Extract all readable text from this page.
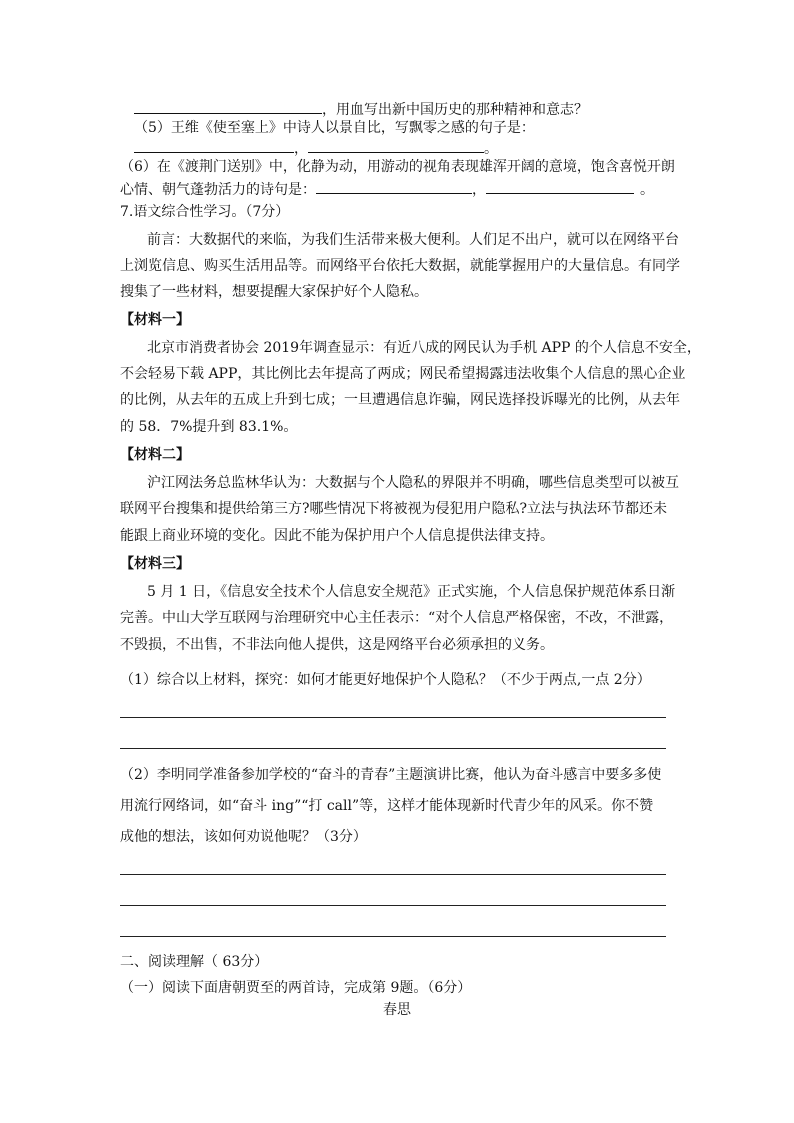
，用血写出新中国历史的那种精神和意志？
（5）王维《使至塞上》中诗人以景自比，写飘零之感的句子是：
，	。
（6）在《渡荆门送别》中，化静为动，用游动的视角表现雄浑开阔的意境，饱含喜悦开朗
心情、朝气蓬勃活力的诗句是：	，	。
7.语文综合性学习。（7分）
前言：大数据代的来临，为我们生活带来极大便利。人们足不出户，就可以在网络平台
上浏览信息、购买生活用品等。而网络平台依托大数据，就能掌握用户的大量信息。有同学
搜集了一些材料，想要提醒大家保护好个人隐私。
【材料一】
北京市消费者协会 2019年调查显示：有近八成的网民认为手机 APP 的个人信息不安全，
不会轻易下载 APP，其比例比去年提高了两成；网民希望揭露违法收集个人信息的黑心企业
的比例，从去年的五成上升到七成；一旦遭遇信息诈骗，网民选择投诉曝光的比例，从去年
的 58．7%提升到 83.1%。
【材料二】
沪江网法务总监林华认为：大数据与个人隐私的界限并不明确，哪些信息类型可以被互
联网平台搜集和提供给第三方?哪些情况下将被视为侵犯用户隐私?立法与执法环节都还未
能跟上商业环境的变化。因此不能为保护用户个人信息提供法律支持。
【材料三】
5 月 1 日，《信息安全技术个人信息安全规范》正式实施，个人信息保护规范体系日渐
完善。中山大学互联网与治理研究中心主任表示：“对个人信息严格保密，不改，不泄露，
不毁损，不出售，不非法向他人提供，这是网络平台必须承担的义务。
（1）综合以上材料，探究：如何才能更好地保护个人隐私？（不少于两点,一点 2分）
（2）李明同学准备参加学校的“奋斗的青春”主题演讲比赛，他认为奋斗感言中要多多使
用流行网络词，如“奋斗 ing”“打 call”等，这样才能体现新时代青少年的风采。你不赞
成他的想法，该如何劝说他呢？（3分）
二、阅读理解（ 63分）
（一）阅读下面唐朝贾至的两首诗，完成第 9题。（6分）
春思
